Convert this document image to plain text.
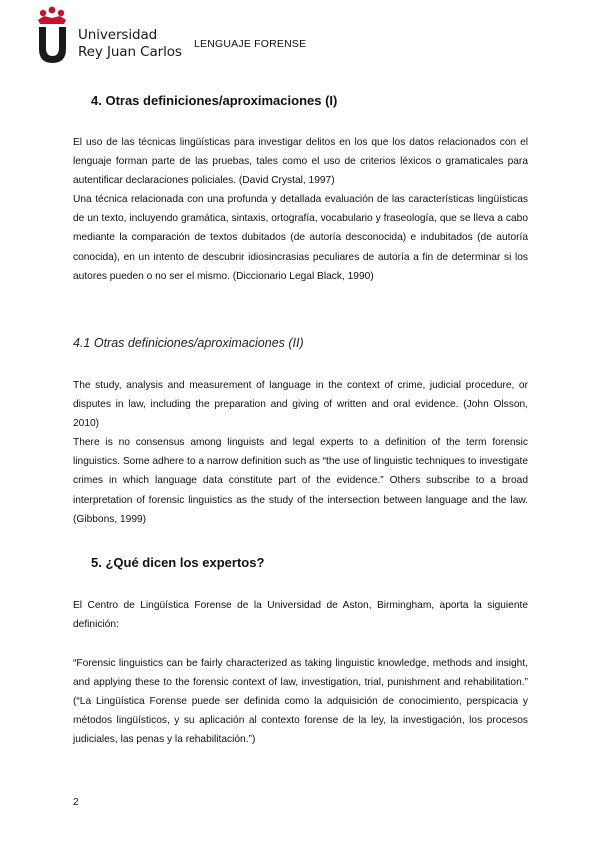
Universidad
Rey Juan Carlos LENGUAJE FORENSE
4. Otras definiciones/aproximaciones (I)

El uso de las técnicas lingüísticas para investigar delitos en los que los datos relacionados con el lenguaje forman parte de las pruebas, tales como el uso de criterios léxicos o gramaticales para autentificar declaraciones policiales. (David Crystal, 1997)

Una técnica relacionada con una profunda y detallada evaluación de las características lingüísticas de un texto, incluyendo gramática, sintaxis, ortografía, vocabulario y fraseología, que se lleva a cabo mediante la comparación de textos dubitados (de autoría desconocida) e indubitados (de autoría conocida), en un intento de descubrir idiosincrasias peculiares de autoría a fin de determinar si los autores pueden o no ser el mismo. (Diccionario Legal Black, 1990)

4.1 Otras definiciones/aproximaciones (II)

The study, analysis and measurement of language in the context of crime, judicial procedure, or disputes in law, including the preparation and giving of written and oral evidence. (John Olsson, 2010)

There is no consensus among linguists and legal experts to a definition of the term forensic linguistics. Some adhere to a narrow definition such as “the use of linguistic techniques to investigate crimes in which language data constitute part of the evidence.” Others subscribe to a broad interpretation of forensic linguistics as the study of the intersection between language and the law. (Gibbons, 1999)

5. ¿Qué dicen los expertos?

El Centro de Lingüística Forense de la Universidad de Aston, Birmingham, aporta la siguiente definición:

“Forensic linguistics can be fairly characterized as taking linguistic knowledge, methods and insight, and applying these to the forensic context of law, investigation, trial, punishment and rehabilitation.” (“La Lingüística Forense puede ser definida como la adquisición de conocimiento, perspicacia y métodos lingüísticos, y su aplicación al contexto forense de la ley, la investigación, los procesos judiciales, las penas y la rehabilitación.”)

2
